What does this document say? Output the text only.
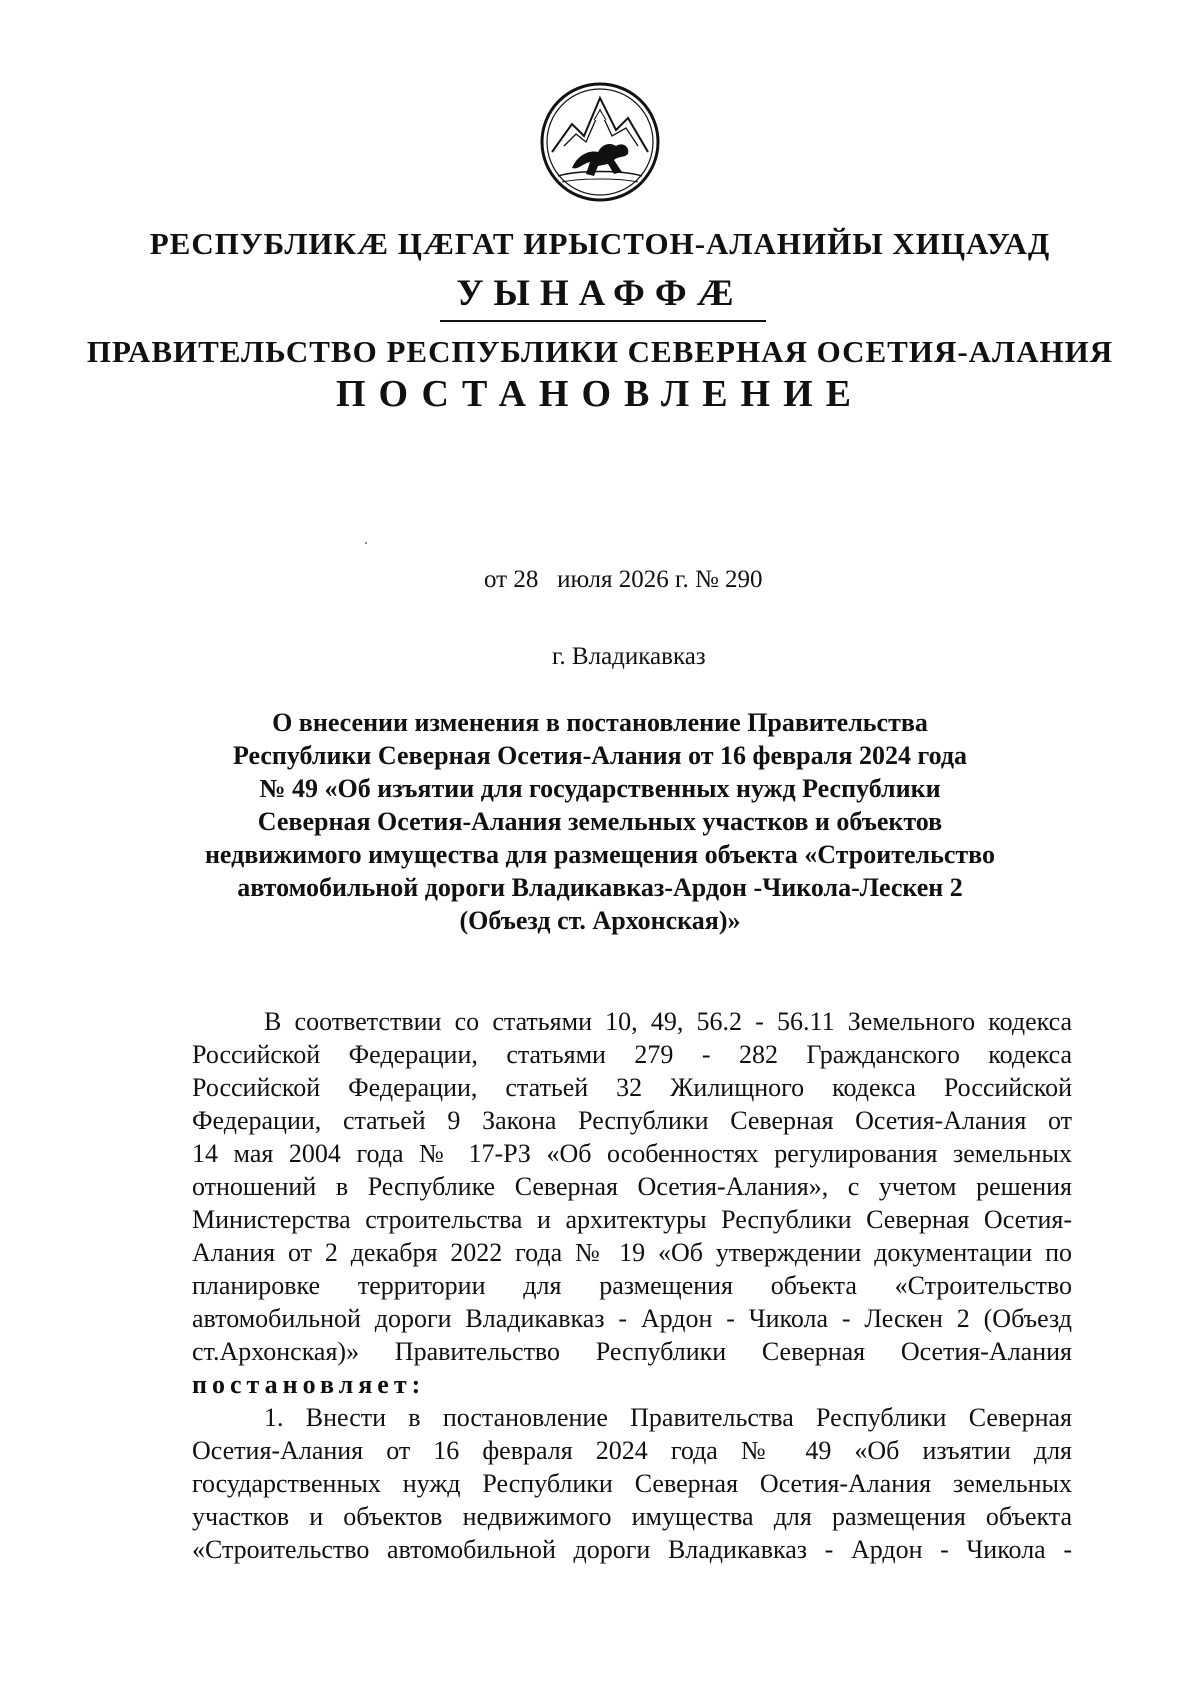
РЕСПУБЛИКÆ ЦÆГАТ ИРЫСТОН-АЛАНИЙЫ ХИЦАУАД
УЫНАФФÆ
ПРАВИТЕЛЬСТВО РЕСПУБЛИКИ СЕВЕРНАЯ ОСЕТИЯ-АЛАНИЯ
ПОСТАНОВЛЕНИЕ
от 28   июля 2026 г. № 290
г. Владикавказ
О внесении изменения в постановление Правительства
Республики Северная Осетия-Алания от 16 февраля 2024 года
№ 49 «Об изъятии для государственных нужд Республики
Северная Осетия-Алания земельных участков и объектов
недвижимого имущества для размещения объекта «Строительство
автомобильной дороги Владикавказ-Ардон -Чикола-Лескен 2
(Объезд ст. Архонская)»
В соответствии со статьями 10, 49, 56.2 - 56.11 Земельного кодекса
Российской Федерации, статьями 279 - 282 Гражданского кодекса
Российской Федерации, статьей 32 Жилищного кодекса Российской
Федерации, статьей 9 Закона Республики Северная Осетия-Алания от
14 мая 2004 года № 17-РЗ «Об особенностях регулирования земельных
отношений в Республике Северная Осетия-Алания», с учетом решения
Министерства строительства и архитектуры Республики Северная Осетия-
Алания от 2 декабря 2022 года № 19 «Об утверждении документации по
планировке территории для размещения объекта «Строительство
автомобильной дороги Владикавказ - Ардон - Чикола - Лескен 2 (Объезд
ст.Архонская)» Правительство Республики Северная Осетия-Алания
постановляет:
1. Внести в постановление Правительства Республики Северная
Осетия-Алания от 16 февраля 2024 года № 49 «Об изъятии для
государственных нужд Республики Северная Осетия-Алания земельных
участков и объектов недвижимого имущества для размещения объекта
«Строительство автомобильной дороги Владикавказ - Ардон - Чикола -
